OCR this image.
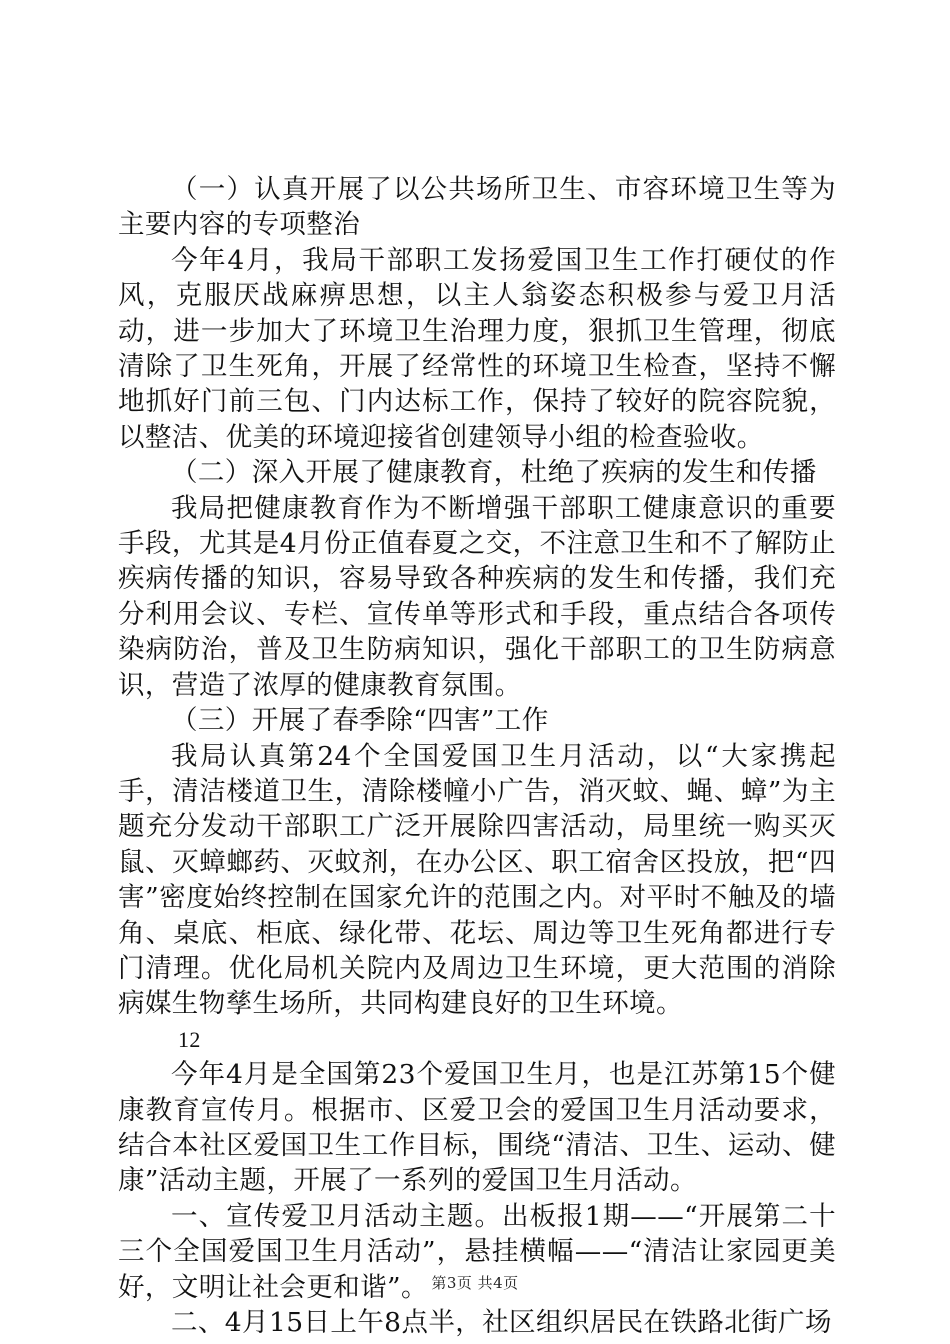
（一）认真开展了以公共场所卫生、市容环境卫生等为主要内容的专项整治

今年4月，我局干部职工发扬爱国卫生工作打硬仗的作风，克服厌战麻痹思想，以主人翁姿态积极参与爱卫月活动，进一步加大了环境卫生治理力度，狠抓卫生管理，彻底清除了卫生死角，开展了经常性的环境卫生检查，坚持不懈地抓好门前三包、门内达标工作，保持了较好的院容院貌，以整洁、优美的环境迎接省创建领导小组的检查验收。

（二）深入开展了健康教育，杜绝了疾病的发生和传播

我局把健康教育作为不断增强干部职工健康意识的重要手段，尤其是4月份正值春夏之交，不注意卫生和不了解防止疾病传播的知识，容易导致各种疾病的发生和传播，我们充分利用会议、专栏、宣传单等形式和手段，重点结合各项传染病防治，普及卫生防病知识，强化干部职工的卫生防病意识，营造了浓厚的健康教育氛围。

（三）开展了春季除“四害”工作

我局认真第24个全国爱国卫生月活动，以“大家携起手，清洁楼道卫生，清除楼幢小广告，消灭蚊、蝇、蟑”为主题充分发动干部职工广泛开展除四害活动，局里统一购买灭鼠、灭蟑螂药、灭蚊剂，在办公区、职工宿舍区投放，把“四害”密度始终控制在国家允许的范围之内。对平时不触及的墙角、桌底、柜底、绿化带、花坛、周边等卫生死角都进行专门清理。优化局机关院内及周边卫生环境，更大范围的消除病媒生物孳生场所，共同构建良好的卫生环境。

12

今年4月是全国第23个爱国卫生月，也是江苏第15个健康教育宣传月。根据市、区爱卫会的爱国卫生月活动要求，结合本社区爱国卫生工作目标，围绕“清洁、卫生、运动、健康”活动主题，开展了一系列的爱国卫生月活动。

一、宣传爱卫月活动主题。出板报1期——“开展第二十三个全国爱国卫生月活动”，悬挂横幅——“清洁让家园更美好，文明让社会更和谐”。

二、4月15日上午8点半，社区组织居民在铁路北街广场

第3页 共4页
